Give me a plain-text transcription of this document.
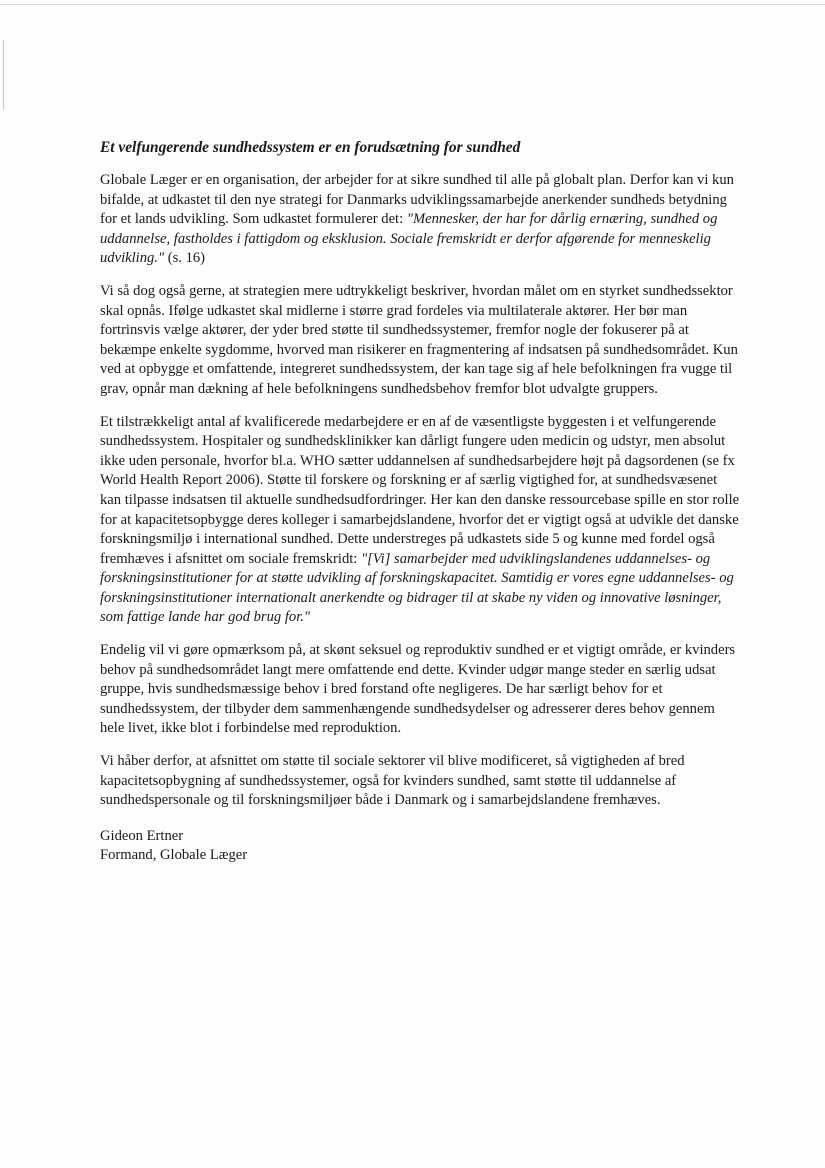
Et velfungerende sundhedssystem er en forudsætning for sundhed

Globale Læger er en organisation, der arbejder for at sikre sundhed til alle på globalt plan. Derfor kan vi kun bifalde, at udkastet til den nye strategi for Danmarks udviklingssamarbejde anerkender sundheds betydning for et lands udvikling. Som udkastet formulerer det: "Mennesker, der har for dårlig ernæring, sundhed og uddannelse, fastholdes i fattigdom og eksklusion. Sociale fremskridt er derfor afgørende for menneskelig udvikling." (s. 16)

Vi så dog også gerne, at strategien mere udtrykkeligt beskriver, hvordan målet om en styrket sundhedssektor skal opnås. Ifølge udkastet skal midlerne i større grad fordeles via multilaterale aktører. Her bør man fortrinsvis vælge aktører, der yder bred støtte til sundhedssystemer, fremfor nogle der fokuserer på at bekæmpe enkelte sygdomme, hvorved man risikerer en fragmentering af indsatsen på sundhedsområdet. Kun ved at opbygge et omfattende, integreret sundhedssystem, der kan tage sig af hele befolkningen fra vugge til grav, opnår man dækning af hele befolkningens sundhedsbehov fremfor blot udvalgte gruppers.

Et tilstrækkeligt antal af kvalificerede medarbejdere er en af de væsentligste byggesten i et velfungerende sundhedssystem. Hospitaler og sundhedsklinikker kan dårligt fungere uden medicin og udstyr, men absolut ikke uden personale, hvorfor bl.a. WHO sætter uddannelsen af sundhedsarbejdere højt på dagsordenen (se fx World Health Report 2006). Støtte til forskere og forskning er af særlig vigtighed for, at sundhedsvæsenet kan tilpasse indsatsen til aktuelle sundhedsudfordringer. Her kan den danske ressourcebase spille en stor rolle for at kapacitetsopbygge deres kolleger i samarbejdslandene, hvorfor det er vigtigt også at udvikle det danske forskningsmiljø i international sundhed. Dette understreges på udkastets side 5 og kunne med fordel også fremhæves i afsnittet om sociale fremskridt: "[Vi] samarbejder med udviklingslandenes uddannelses- og forskningsinstitutioner for at støtte udvikling af forskningskapacitet. Samtidig er vores egne uddannelses- og forskningsinstitutioner internationalt anerkendte og bidrager til at skabe ny viden og innovative løsninger, som fattige lande har god brug for."

Endelig vil vi gøre opmærksom på, at skønt seksuel og reproduktiv sundhed er et vigtigt område, er kvinders behov på sundhedsområdet langt mere omfattende end dette. Kvinder udgør mange steder en særlig udsat gruppe, hvis sundhedsmæssige behov i bred forstand ofte negligeres. De har særligt behov for et sundhedssystem, der tilbyder dem sammenhængende sundhedsydelser og adresserer deres behov gennem hele livet, ikke blot i forbindelse med reproduktion.

Vi håber derfor, at afsnittet om støtte til sociale sektorer vil blive modificeret, så vigtigheden af bred kapacitetsopbygning af sundhedssystemer, også for kvinders sundhed, samt støtte til uddannelse af sundhedspersonale og til forskningsmiljøer både i Danmark og i samarbejdslandene fremhæves.

Gideon Ertner

Formand, Globale Læger
